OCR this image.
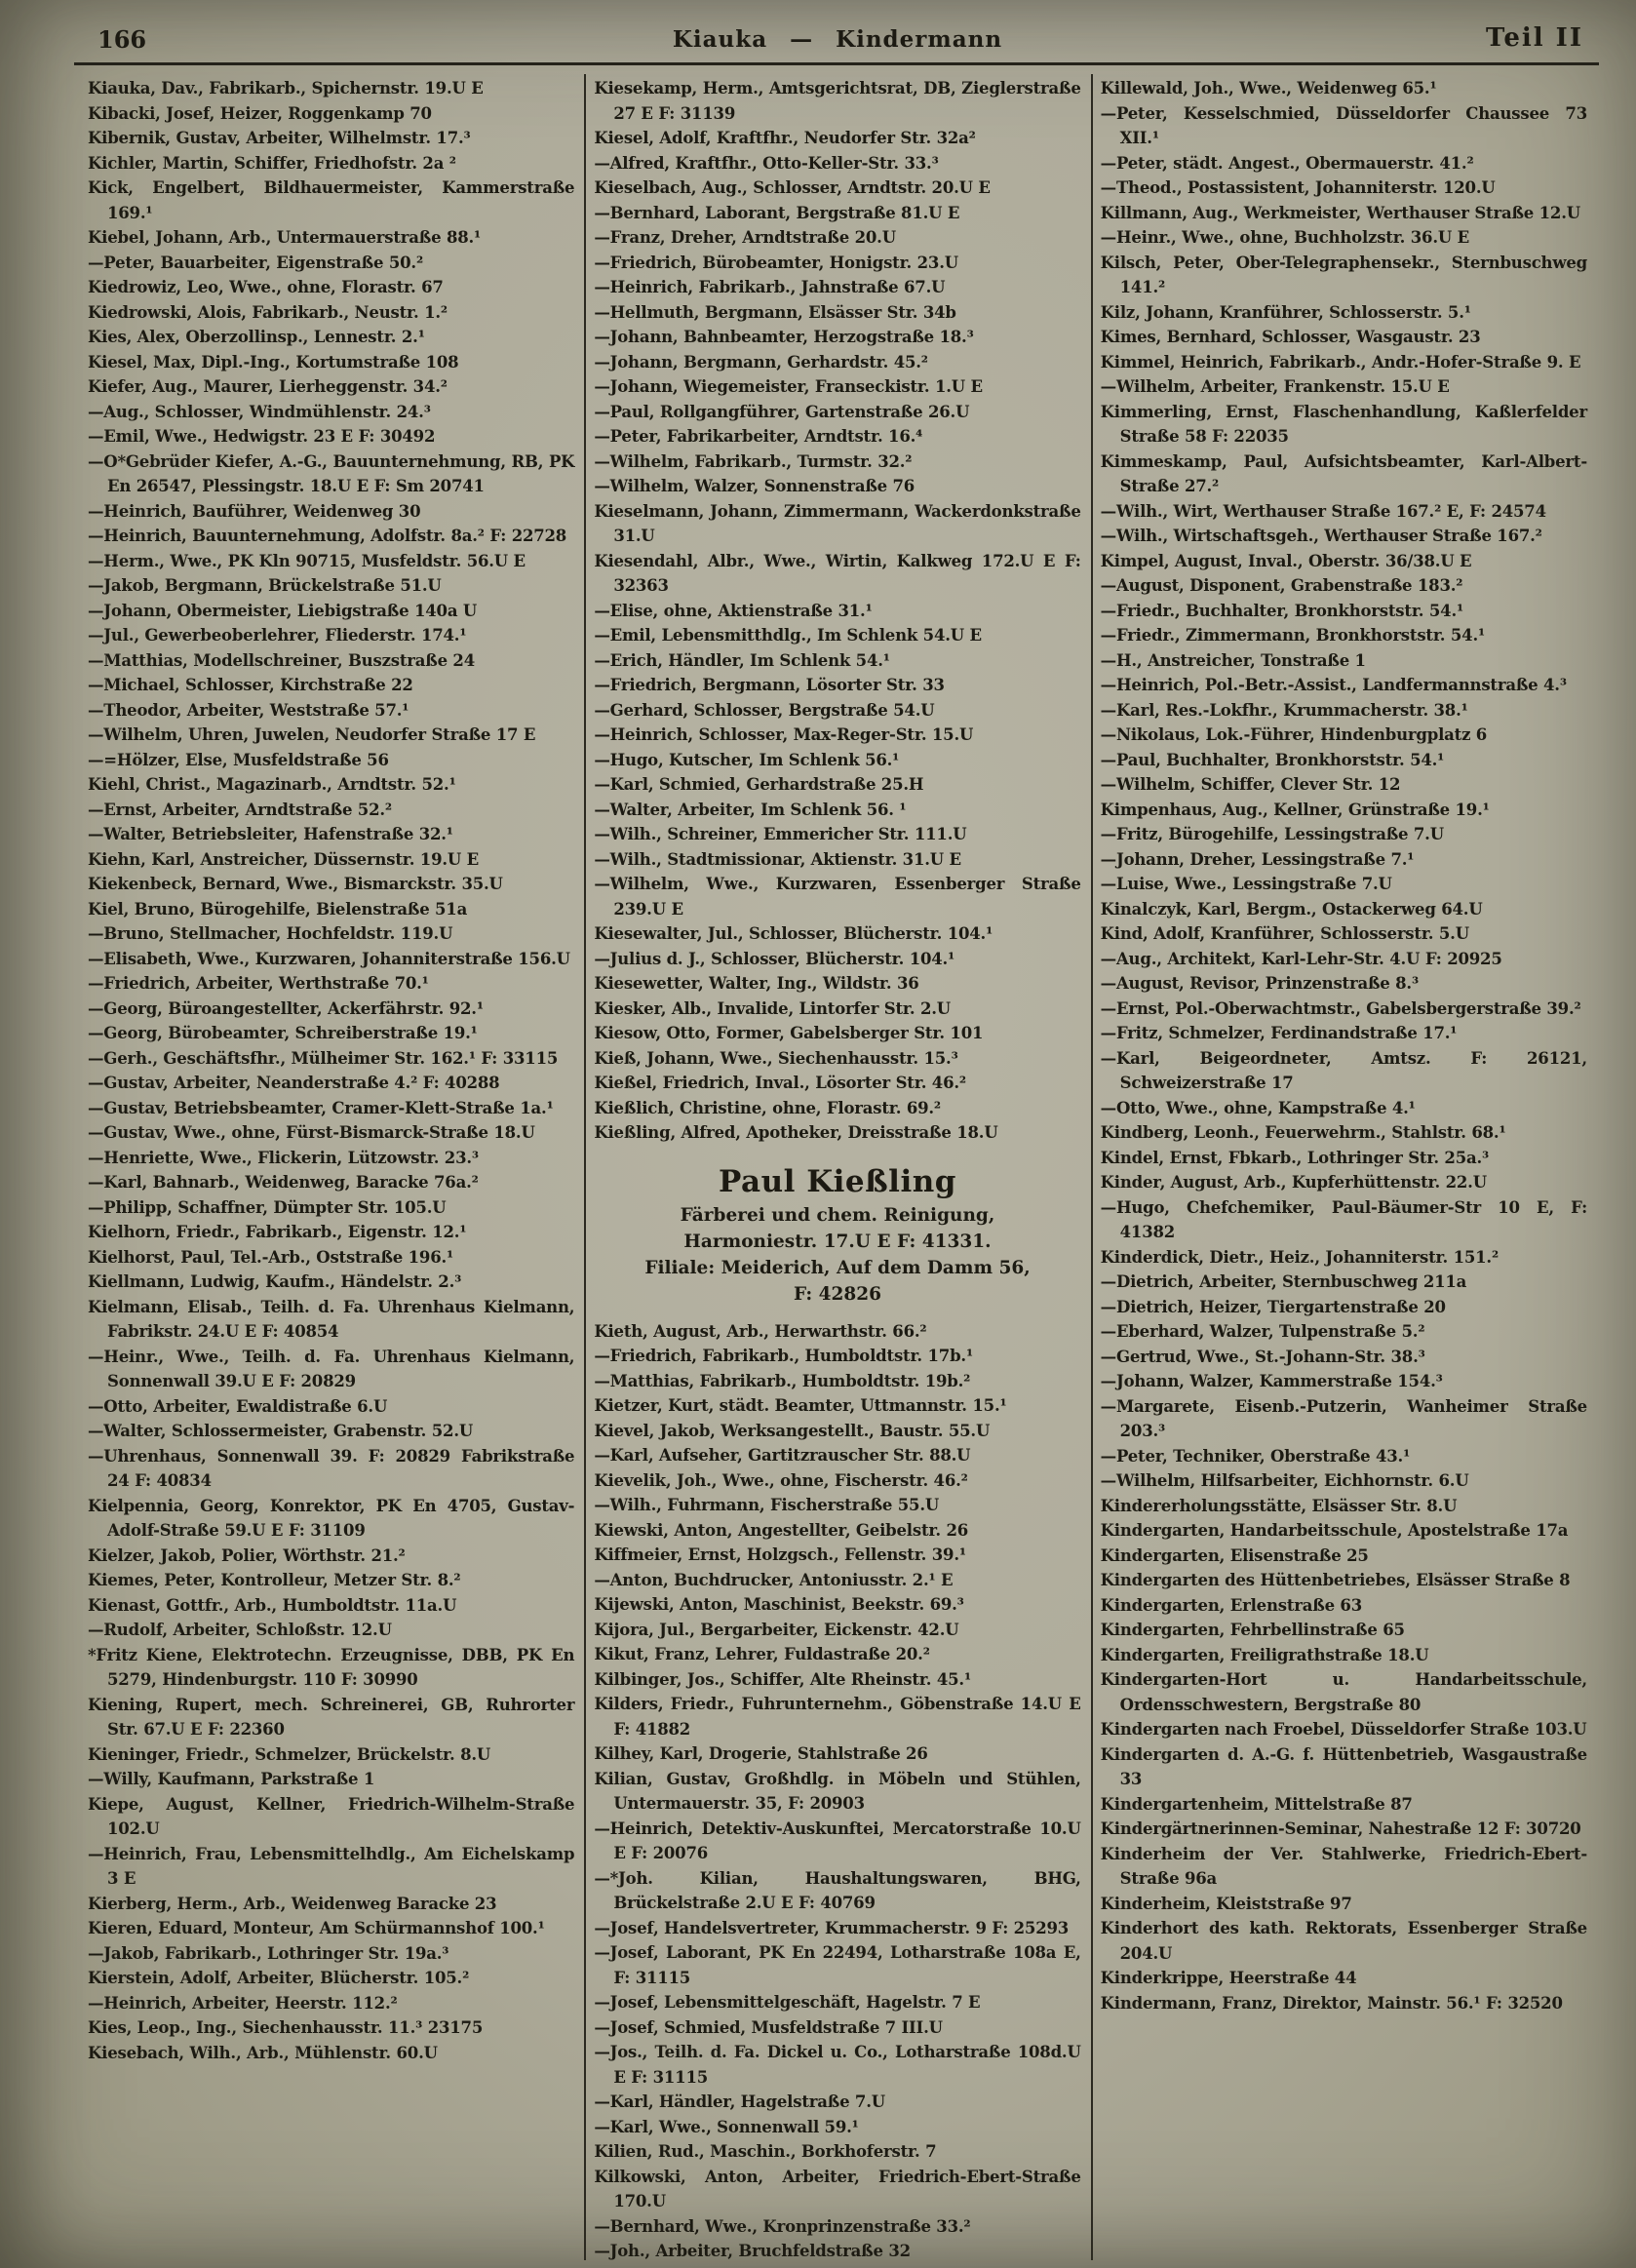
166	Kiauka — Kindermann	Teil II
Kiauka, Dav., Fabrikarb., Spichernstr. 19.U E
Kibacki, Josef, Heizer, Roggenkamp 70
Kibernik, Gustav, Arbeiter, Wilhelmstr. 17.³
Kichler, Martin, Schiffer, Friedhofstr. 2a ²
Kick, Engelbert, Bildhauermeister, Kammerstraße 169.¹
Kiebel, Johann, Arb., Untermauerstraße 88.¹
—Peter, Bauarbeiter, Eigenstraße 50.²
Kiedrowiz, Leo, Wwe., ohne, Florastr. 67
Kiedrowski, Alois, Fabrikarb., Neustr. 1.²
Kies, Alex, Oberzollinsp., Lennestr. 2.¹
Kiesel, Max, Dipl.-Ing., Kortumstraße 108
Kiefer, Aug., Maurer, Lierheggenstr. 34.²
—Aug., Schlosser, Windmühlenstr. 24.³
—Emil, Wwe., Hedwigstr. 23 E F: 30492
—O*Gebrüder Kiefer, A.-G., Bauunternehmung, RB, PK En 26547, Plessingstr. 18.U E F: Sm 20741
—Heinrich, Bauführer, Weidenweg 30
—Heinrich, Bauunternehmung, Adolfstr. 8a.² F: 22728
—Herm., Wwe., PK Kln 90715, Musfeldstr. 56.U E
—Jakob, Bergmann, Brückelstraße 51.U
—Johann, Obermeister, Liebigstraße 140a U
—Jul., Gewerbeoberlehrer, Fliederstr. 174.¹
—Matthias, Modellschreiner, Buszstraße 24
—Michael, Schlosser, Kirchstraße 22
—Theodor, Arbeiter, Weststraße 57.¹
—Wilhelm, Uhren, Juwelen, Neudorfer Straße 17 E
—=Hölzer, Else, Musfeldstraße 56
Kiehl, Christ., Magazinarb., Arndtstr. 52.¹
—Ernst, Arbeiter, Arndtstraße 52.²
—Walter, Betriebsleiter, Hafenstraße 32.¹
Kiehn, Karl, Anstreicher, Düssernstr. 19.U E
Kiekenbeck, Bernard, Wwe., Bismarckstr. 35.U
Kiel, Bruno, Bürogehilfe, Bielenstraße 51a
—Bruno, Stellmacher, Hochfeldstr. 119.U
—Elisabeth, Wwe., Kurzwaren, Johanniterstraße 156.U
—Friedrich, Arbeiter, Werthstraße 70.¹
—Georg, Büroangestellter, Ackerfährstr. 92.¹
—Georg, Bürobeamter, Schreiberstraße 19.¹
—Gerh., Geschäftsfhr., Mülheimer Str. 162.¹ F: 33115
—Gustav, Arbeiter, Neanderstraße 4.² F: 40288
—Gustav, Betriebsbeamter, Cramer-Klett-Straße 1a.¹
—Gustav, Wwe., ohne, Fürst-Bismarck-Straße 18.U
—Henriette, Wwe., Flickerin, Lützowstr. 23.³
—Karl, Bahnarb., Weidenweg, Baracke 76a.²
—Philipp, Schaffner, Dümpter Str. 105.U
Kielhorn, Friedr., Fabrikarb., Eigenstr. 12.¹
Kielhorst, Paul, Tel.-Arb., Oststraße 196.¹
Kiellmann, Ludwig, Kaufm., Händelstr. 2.³
Kielmann, Elisab., Teilh. d. Fa. Uhrenhaus Kielmann, Fabrikstr. 24.U E F: 40854
—Heinr., Wwe., Teilh. d. Fa. Uhrenhaus Kielmann, Sonnenwall 39.U E F: 20829
—Otto, Arbeiter, Ewaldistraße 6.U
—Walter, Schlossermeister, Grabenstr. 52.U
—Uhrenhaus, Sonnenwall 39. F: 20829 Fabrikstraße 24 F: 40834
Kielpennia, Georg, Konrektor, PK En 4705, Gustav-Adolf-Straße 59.U E F: 31109
Kielzer, Jakob, Polier, Wörthstr. 21.²
Kiemes, Peter, Kontrolleur, Metzer Str. 8.²
Kienast, Gottfr., Arb., Humboldtstr. 11a.U
—Rudolf, Arbeiter, Schloßstr. 12.U
*Fritz Kiene, Elektrotechn. Erzeugnisse, DBB, PK En 5279, Hindenburgstr. 110 F: 30990
Kiening, Rupert, mech. Schreinerei, GB, Ruhrorter Str. 67.U E F: 22360
Kieninger, Friedr., Schmelzer, Brückelstr. 8.U
—Willy, Kaufmann, Parkstraße 1
Kiepe, August, Kellner, Friedrich-Wilhelm-Straße 102.U
—Heinrich, Frau, Lebensmittelhdlg., Am Eichelskamp 3 E
Kierberg, Herm., Arb., Weidenweg Baracke 23
Kieren, Eduard, Monteur, Am Schürmannshof 100.¹
—Jakob, Fabrikarb., Lothringer Str. 19a.³
Kierstein, Adolf, Arbeiter, Blücherstr. 105.²
—Heinrich, Arbeiter, Heerstr. 112.²
Kies, Leop., Ing., Siechenhausstr. 11.³ 23175
Kiesebach, Wilh., Arb., Mühlenstr. 60.U
Kiesekamp, Herm., Amtsgerichtsrat, DB, Zieglerstraße 27 E F: 31139
Kiesel, Adolf, Kraftfhr., Neudorfer Str. 32a²
—Alfred, Kraftfhr., Otto-Keller-Str. 33.³
Kieselbach, Aug., Schlosser, Arndtstr. 20.U E
—Bernhard, Laborant, Bergstraße 81.U E
—Franz, Dreher, Arndtstraße 20.U
—Friedrich, Bürobeamter, Honigstr. 23.U
—Heinrich, Fabrikarb., Jahnstraße 67.U
—Hellmuth, Bergmann, Elsässer Str. 34b
—Johann, Bahnbeamter, Herzogstraße 18.³
—Johann, Bergmann, Gerhardstr. 45.²
—Johann, Wiegemeister, Franseckistr. 1.U E
—Paul, Rollgangführer, Gartenstraße 26.U
—Peter, Fabrikarbeiter, Arndtstr. 16.⁴
—Wilhelm, Fabrikarb., Turmstr. 32.²
—Wilhelm, Walzer, Sonnenstraße 76
Kieselmann, Johann, Zimmermann, Wackerdonkstraße 31.U
Kiesendahl, Albr., Wwe., Wirtin, Kalkweg 172.U E F: 32363
—Elise, ohne, Aktienstraße 31.¹
—Emil, Lebensmitthdlg., Im Schlenk 54.U E
—Erich, Händler, Im Schlenk 54.¹
—Friedrich, Bergmann, Lösorter Str. 33
—Gerhard, Schlosser, Bergstraße 54.U
—Heinrich, Schlosser, Max-Reger-Str. 15.U
—Hugo, Kutscher, Im Schlenk 56.¹
—Karl, Schmied, Gerhardstraße 25.H
—Walter, Arbeiter, Im Schlenk 56. ¹
—Wilh., Schreiner, Emmericher Str. 111.U
—Wilh., Stadtmissionar, Aktienstr. 31.U E
—Wilhelm, Wwe., Kurzwaren, Essenberger Straße 239.U E
Kiesewalter, Jul., Schlosser, Blücherstr. 104.¹
—Julius d. J., Schlosser, Blücherstr. 104.¹
Kiesewetter, Walter, Ing., Wildstr. 36
Kiesker, Alb., Invalide, Lintorfer Str. 2.U
Kiesow, Otto, Former, Gabelsberger Str. 101
Kieß, Johann, Wwe., Siechenhausstr. 15.³
Kießel, Friedrich, Inval., Lösorter Str. 46.²
Kießlich, Christine, ohne, Florastr. 69.²
Kießling, Alfred, Apotheker, Dreisstraße 18.U
Paul Kießling
Färberei und chem. Reinigung,
Harmoniestr. 17.U E F: 41331.
Filiale: Meiderich, Auf dem Damm 56,
F: 42826
Kieth, August, Arb., Herwarthstr. 66.²
—Friedrich, Fabrikarb., Humboldtstr. 17b.¹
—Matthias, Fabrikarb., Humboldtstr. 19b.²
Kietzer, Kurt, städt. Beamter, Uttmannstr. 15.¹
Kievel, Jakob, Werksangestellt., Baustr. 55.U
—Karl, Aufseher, Gartitzrauscher Str. 88.U
Kievelik, Joh., Wwe., ohne, Fischerstr. 46.²
—Wilh., Fuhrmann, Fischerstraße 55.U
Kiewski, Anton, Angestellter, Geibelstr. 26
Kiffmeier, Ernst, Holzgsch., Fellenstr. 39.¹
—Anton, Buchdrucker, Antoniusstr. 2.¹ E
Kijewski, Anton, Maschinist, Beekstr. 69.³
Kijora, Jul., Bergarbeiter, Eickenstr. 42.U
Kikut, Franz, Lehrer, Fuldastraße 20.²
Kilbinger, Jos., Schiffer, Alte Rheinstr. 45.¹
Kilders, Friedr., Fuhrunternehm., Göbenstraße 14.U E F: 41882
Kilhey, Karl, Drogerie, Stahlstraße 26
Kilian, Gustav, Großhdlg. in Möbeln und Stühlen, Untermauerstr. 35, F: 20903
—Heinrich, Detektiv-Auskunftei, Mercatorstraße 10.U E F: 20076
—*Joh. Kilian, Haushaltungswaren, BHG, Brückelstraße 2.U E F: 40769
—Josef, Handelsvertreter, Krummacherstr. 9 F: 25293
—Josef, Laborant, PK En 22494, Lotharstraße 108a E, F: 31115
—Josef, Lebensmittelgeschäft, Hagelstr. 7 E
—Josef, Schmied, Musfeldstraße 7 III.U
—Jos., Teilh. d. Fa. Dickel u. Co., Lotharstraße 108d.U E F: 31115
—Karl, Händler, Hagelstraße 7.U
—Karl, Wwe., Sonnenwall 59.¹
Kilien, Rud., Maschin., Borkhoferstr. 7
Kilkowski, Anton, Arbeiter, Friedrich-Ebert-Straße 170.U
—Bernhard, Wwe., Kronprinzenstraße 33.²
—Joh., Arbeiter, Bruchfeldstraße 32
Killewald, Joh., Wwe., Weidenweg 65.¹
—Peter, Kesselschmied, Düsseldorfer Chaussee 73 XII.¹
—Peter, städt. Angest., Obermauerstr. 41.²
—Theod., Postassistent, Johanniterstr. 120.U
Killmann, Aug., Werkmeister, Werthauser Straße 12.U
—Heinr., Wwe., ohne, Buchholzstr. 36.U E
Kilsch, Peter, Ober-Telegraphensekr., Sternbuschweg 141.²
Kilz, Johann, Kranführer, Schlosserstr. 5.¹
Kimes, Bernhard, Schlosser, Wasgaustr. 23
Kimmel, Heinrich, Fabrikarb., Andr.-Hofer-Straße 9. E
—Wilhelm, Arbeiter, Frankenstr. 15.U E
Kimmerling, Ernst, Flaschenhandlung, Kaßlerfelder Straße 58 F: 22035
Kimmeskamp, Paul, Aufsichtsbeamter, Karl-Albert-Straße 27.²
—Wilh., Wirt, Werthauser Straße 167.² E, F: 24574
—Wilh., Wirtschaftsgeh., Werthauser Straße 167.²
Kimpel, August, Inval., Oberstr. 36/38.U E
—August, Disponent, Grabenstraße 183.²
—Friedr., Buchhalter, Bronkhorststr. 54.¹
—Friedr., Zimmermann, Bronkhorststr. 54.¹
—H., Anstreicher, Tonstraße 1
—Heinrich, Pol.-Betr.-Assist., Landfermannstraße 4.³
—Karl, Res.-Lokfhr., Krummacherstr. 38.¹
—Nikolaus, Lok.-Führer, Hindenburgplatz 6
—Paul, Buchhalter, Bronkhorststr. 54.¹
—Wilhelm, Schiffer, Clever Str. 12
Kimpenhaus, Aug., Kellner, Grünstraße 19.¹
—Fritz, Bürogehilfe, Lessingstraße 7.U
—Johann, Dreher, Lessingstraße 7.¹
—Luise, Wwe., Lessingstraße 7.U
Kinalczyk, Karl, Bergm., Ostackerweg 64.U
Kind, Adolf, Kranführer, Schlosserstr. 5.U
—Aug., Architekt, Karl-Lehr-Str. 4.U F: 20925
—August, Revisor, Prinzenstraße 8.³
—Ernst, Pol.-Oberwachtmstr., Gabelsbergerstraße 39.²
—Fritz, Schmelzer, Ferdinandstraße 17.¹
—Karl, Beigeordneter, Amtsz. F: 26121, Schweizerstraße 17
—Otto, Wwe., ohne, Kampstraße 4.¹
Kindberg, Leonh., Feuerwehrm., Stahlstr. 68.¹
Kindel, Ernst, Fbkarb., Lothringer Str. 25a.³
Kinder, August, Arb., Kupferhüttenstr. 22.U
—Hugo, Chefchemiker, Paul-Bäumer-Str 10 E, F: 41382
Kinderdick, Dietr., Heiz., Johanniterstr. 151.²
—Dietrich, Arbeiter, Sternbuschweg 211a
—Dietrich, Heizer, Tiergartenstraße 20
—Eberhard, Walzer, Tulpenstraße 5.²
—Gertrud, Wwe., St.-Johann-Str. 38.³
—Johann, Walzer, Kammerstraße 154.³
—Margarete, Eisenb.-Putzerin, Wanheimer Straße 203.³
—Peter, Techniker, Oberstraße 43.¹
—Wilhelm, Hilfsarbeiter, Eichhornstr. 6.U
Kindererholungsstätte, Elsässer Str. 8.U
Kindergarten, Handarbeitsschule, Apostelstraße 17a
Kindergarten, Elisenstraße 25
Kindergarten des Hüttenbetriebes, Elsässer Straße 8
Kindergarten, Erlenstraße 63
Kindergarten, Fehrbellinstraße 65
Kindergarten, Freiligrathstraße 18.U
Kindergarten-Hort u. Handarbeitsschule, Ordensschwestern, Bergstraße 80
Kindergarten nach Froebel, Düsseldorfer Straße 103.U
Kindergarten d. A.-G. f. Hüttenbetrieb, Wasgaustraße 33
Kindergartenheim, Mittelstraße 87
Kindergärtnerinnen-Seminar, Nahestraße 12 F: 30720
Kinderheim der Ver. Stahlwerke, Friedrich-Ebert-Straße 96a
Kinderheim, Kleiststraße 97
Kinderhort des kath. Rektorats, Essenberger Straße 204.U
Kinderkrippe, Heerstraße 44
Kindermann, Franz, Direktor, Mainstr. 56.¹ F: 32520
